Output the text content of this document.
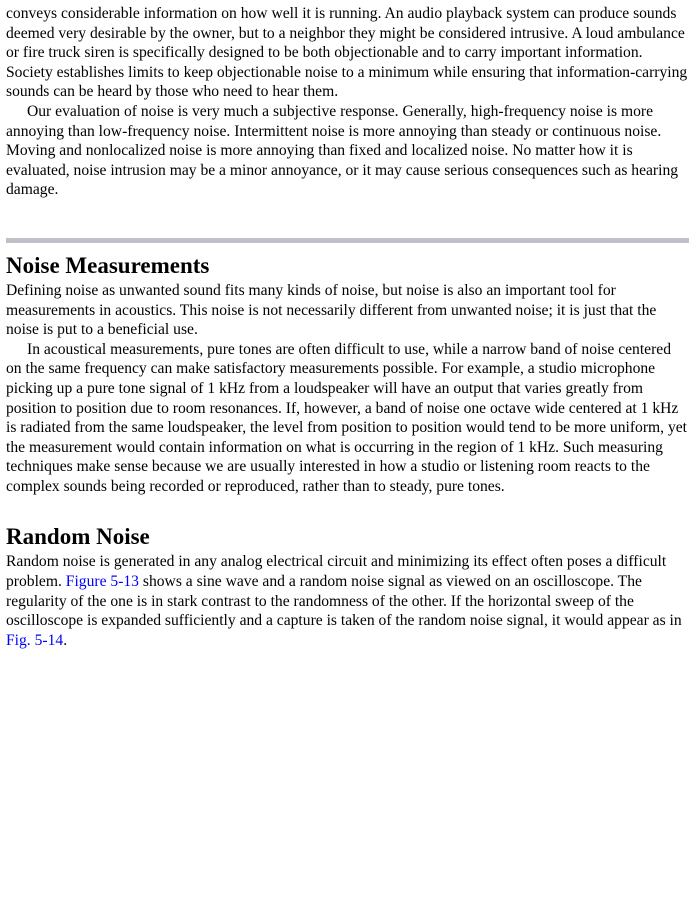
conveys considerable information on how well it is running. An audio playback system can produce sounds deemed very desirable by the owner, but to a neighbor they might be considered intrusive. A loud ambulance or fire truck siren is specifically designed to be both objectionable and to carry important information. Society establishes limits to keep objectionable noise to a minimum while ensuring that information-carrying sounds can be heard by those who need to hear them.

Our evaluation of noise is very much a subjective response. Generally, high-frequency noise is more annoying than low-frequency noise. Intermittent noise is more annoying than steady or continuous noise. Moving and nonlocalized noise is more annoying than fixed and localized noise. No matter how it is evaluated, noise intrusion may be a minor annoyance, or it may cause serious consequences such as hearing damage.

Noise Measurements

Defining noise as unwanted sound fits many kinds of noise, but noise is also an important tool for measurements in acoustics. This noise is not necessarily different from unwanted noise; it is just that the noise is put to a beneficial use.

In acoustical measurements, pure tones are often difficult to use, while a narrow band of noise centered on the same frequency can make satisfactory measurements possible. For example, a studio microphone picking up a pure tone signal of 1 kHz from a loudspeaker will have an output that varies greatly from position to position due to room resonances. If, however, a band of noise one octave wide centered at 1 kHz is radiated from the same loudspeaker, the level from position to position would tend to be more uniform, yet the measurement would contain information on what is occurring in the region of 1 kHz. Such measuring techniques make sense because we are usually interested in how a studio or listening room reacts to the complex sounds being recorded or reproduced, rather than to steady, pure tones.

Random Noise

Random noise is generated in any analog electrical circuit and minimizing its effect often poses a difficult problem. Figure 5-13 shows a sine wave and a random noise signal as viewed on an oscilloscope. The regularity of the one is in stark contrast to the randomness of the other. If the horizontal sweep of the oscilloscope is expanded sufficiently and a capture is taken of the random noise signal, it would appear as in Fig. 5-14.
